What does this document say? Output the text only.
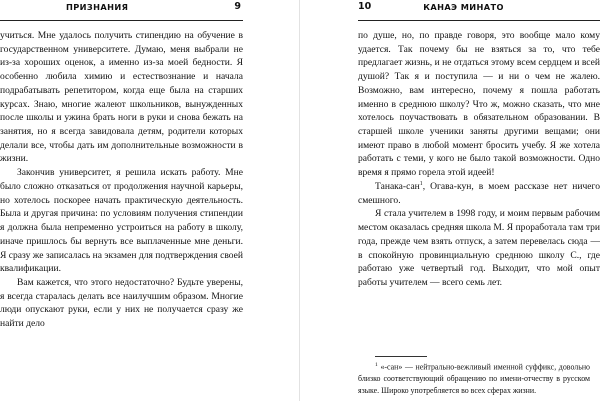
ПРИЗНАНИЯ	9

учиться. Мне удалось получить стипендию на обучение в государственном университете. Думаю, меня выбрали не из-за хороших оценок, а именно из-за моей бедности. Я особенно любила химию и естествознание и начала подрабатывать репетитором, когда еще была на старших курсах. Знаю, многие жалеют школьников, вынужденных после школы и ужина брать ноги в руки и снова бежать на занятия, но я всегда завидовала детям, родители которых делали все, чтобы дать им дополнительные возможности в жизни.

Закончив университет, я решила искать работу. Мне было сложно отказаться от продолжения научной карьеры, но хотелось поскорее начать практическую деятельность. Была и другая причина: по условиям получения стипендии я должна была непременно устроиться на работу в школу, иначе пришлось бы вернуть все выплаченные мне деньги. Я сразу же записалась на экзамен для подтверждения своей квалификации.

Вам кажется, что этого недостаточно? Будьте уверены, я всегда старалась делать все наилучшим образом. Многие люди опускают руки, если у них не получается сразу же найти дело

10	КАНАЭ МИНАТО

по душе, но, по правде говоря, это вообще мало кому удается. Так почему бы не взяться за то, что тебе предлагает жизнь, и не отдаться этому всем сердцем и всей душой? Так я и поступила — и ни о чем не жалею. Возможно, вам интересно, почему я пошла работать именно в среднюю школу? Что ж, можно сказать, что мне хотелось поучаствовать в обязательном образовании. В старшей школе ученики заняты другими вещами; они имеют право в любой момент бросить учебу. Я же хотела работать с теми, у кого не было такой возможности. Одно время я прямо горела этой идеей!

Танака-сан$^1$, Огава-кун, в моем рассказе нет ничего смешного.

Я стала учителем в 1998 году, и моим первым рабочим местом оказалась средняя школа М. Я проработала там три года, прежде чем взять отпуск, а затем перевелась сюда — в спокойную провинциальную среднюю школу С., где работаю уже четвертый год. Выходит, что мой опыт работы учителем — всего семь лет.

$^1$ «-сан» — нейтрально-вежливый именной суффикс, довольно близко соответствующий обращению по имени-отчеству в русском языке. Широко употребляется во всех сферах жизни.
